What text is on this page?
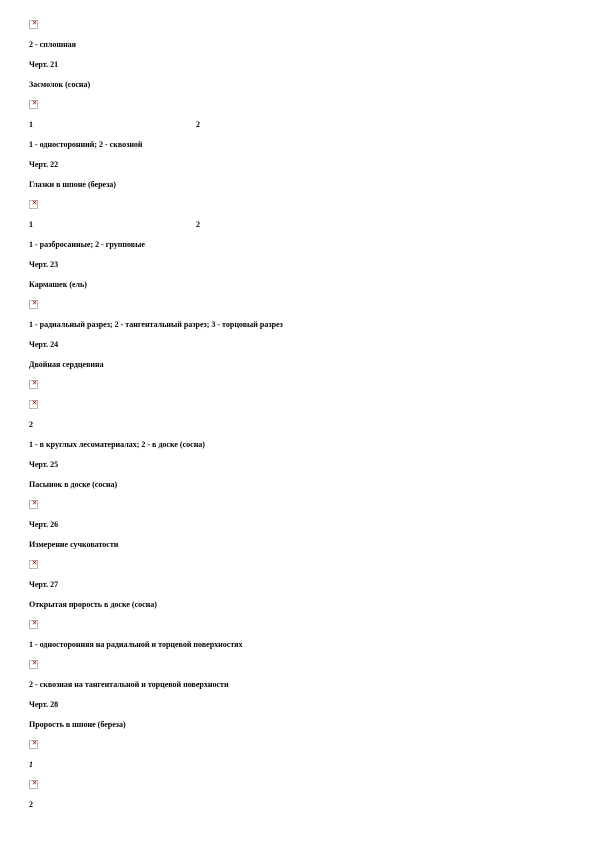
✕
2 - сплошная
Черт. 21
Засмолок (сосна)
✕
1	2
1 - односторонний; 2 - сквозной
Черт. 22
Глазки в шпоне (береза)
✕
1	2
1 - разбросанные; 2 - групповые
Черт. 23
Кармашек (ель)
✕
1 - радиальный разрез; 2 - тангентальный разрез; 3 - торцовый разрез
Черт. 24
Двойная сердцевина
✕
✕
2
1 - в круглых лесоматериалах; 2 - в доске (сосна)
Черт. 25
Пасынок в доске (сосна)
✕
Черт. 26
Измерение сучковатости
✕
Черт. 27
Открытая прорость в доске (сосна)
✕
1 - односторонняя на радиальной и торцевой поверхностях
✕
2 - сквозная на тангентальной и торцевой поверхности
Черт. 28
Прорость в шпоне (береза)
✕
1
✕
2
